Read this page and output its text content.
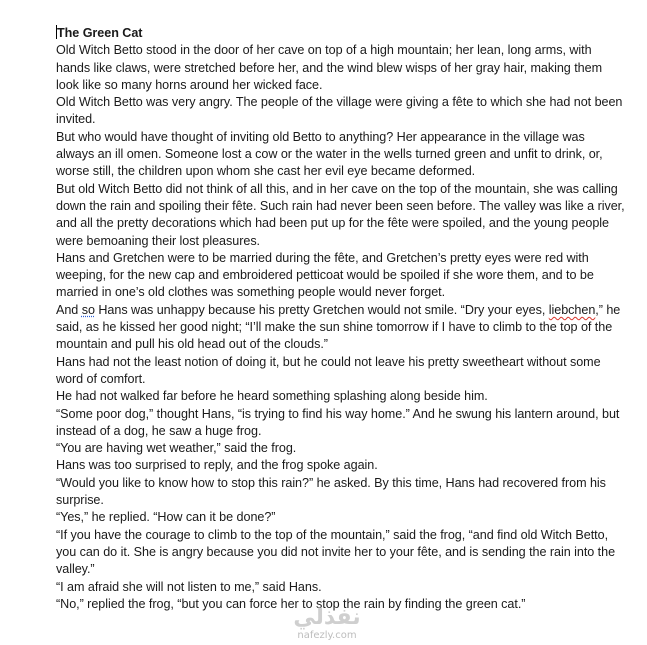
The Green Cat

Old Witch Betto stood in the door of her cave on top of a high mountain; her lean, long arms, with hands like claws, were stretched before her, and the wind blew wisps of her gray hair, making them look like so many horns around her wicked face.

Old Witch Betto was very angry. The people of the village were giving a fête to which she had not been invited.

But who would have thought of inviting old Betto to anything? Her appearance in the village was always an ill omen. Someone lost a cow or the water in the wells turned green and unfit to drink, or, worse still, the children upon whom she cast her evil eye became deformed.

But old Witch Betto did not think of all this, and in her cave on the top of the mountain, she was calling down the rain and spoiling their fête. Such rain had never been seen before. The valley was like a river, and all the pretty decorations which had been put up for the fête were spoiled, and the young people were bemoaning their lost pleasures.

Hans and Gretchen were to be married during the fête, and Gretchen’s pretty eyes were red with weeping, for the new cap and embroidered petticoat would be spoiled if she wore them, and to be married in one’s old clothes was something people would never forget.

And so Hans was unhappy because his pretty Gretchen would not smile. “Dry your eyes, liebchen,” he said, as he kissed her good night; “I’ll make the sun shine tomorrow if I have to climb to the top of the mountain and pull his old head out of the clouds.”

Hans had not the least notion of doing it, but he could not leave his pretty sweetheart without some word of comfort.

He had not walked far before he heard something splashing along beside him.

“Some poor dog,” thought Hans, “is trying to find his way home.” And he swung his lantern around, but instead of a dog, he saw a huge frog.

“You are having wet weather,” said the frog.

Hans was too surprised to reply, and the frog spoke again.

“Would you like to know how to stop this rain?” he asked. By this time, Hans had recovered from his surprise.

“Yes,” he replied. “How can it be done?”

“If you have the courage to climb to the top of the mountain,” said the frog, “and find old Witch Betto, you can do it. She is angry because you did not invite her to your fête, and is sending the rain into the valley.”

“I am afraid she will not listen to me,” said Hans.

“No,” replied the frog, “but you can force her to stop the rain by finding the green cat.”

نفذلي
nafezly.com
